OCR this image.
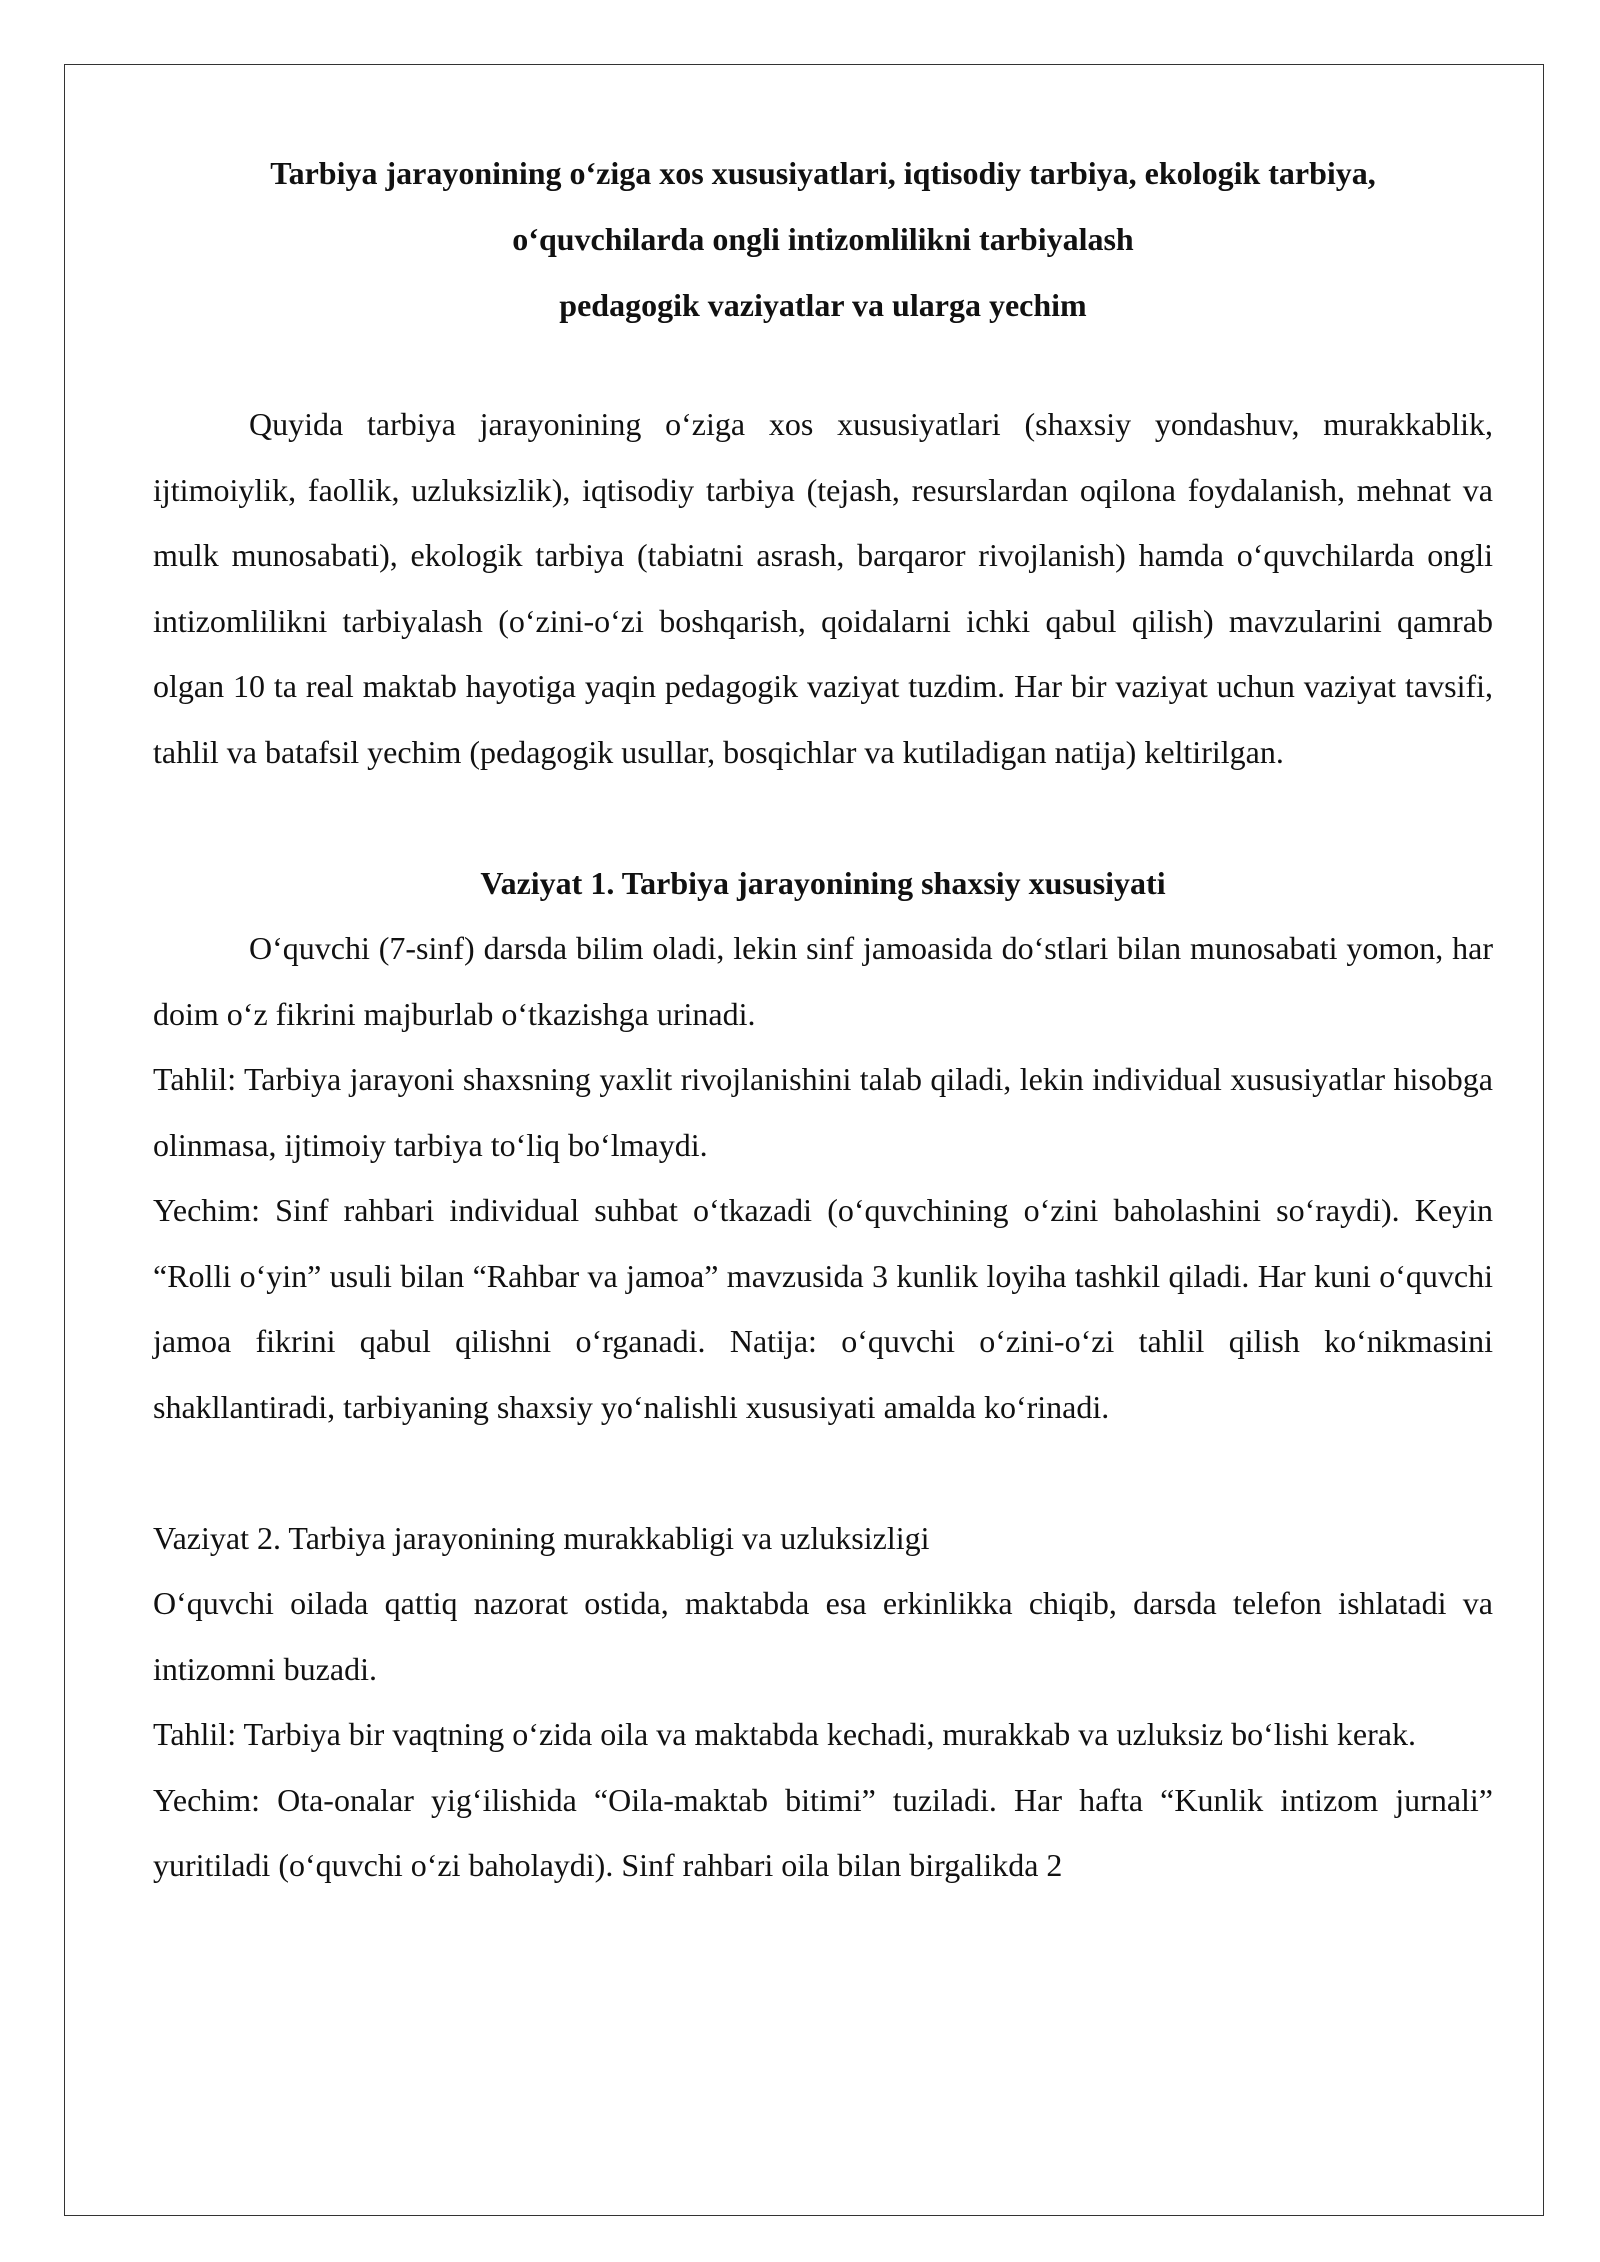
Tarbiya jarayonining o‘ziga xos xususiyatlari, iqtisodiy tarbiya, ekologik tarbiya,
o‘quvchilarda ongli intizomlilikni tarbiyalash
pedagogik vaziyatlar va ularga yechim

Quyida tarbiya jarayonining o‘ziga xos xususiyatlari (shaxsiy yondashuv, murakkablik, ijtimoiylik, faollik, uzluksizlik), iqtisodiy tarbiya (tejash, resurslardan oqilona foydalanish, mehnat va mulk munosabati), ekologik tarbiya (tabiatni asrash, barqaror rivojlanish) hamda o‘quvchilarda ongli intizomlilikni tarbiyalash (o‘zini-o‘zi boshqarish, qoidalarni ichki qabul qilish) mavzularini qamrab olgan 10 ta real maktab hayotiga yaqin pedagogik vaziyat tuzdim. Har bir vaziyat uchun vaziyat tavsifi, tahlil va batafsil yechim (pedagogik usullar, bosqichlar va kutiladigan natija) keltirilgan.

Vaziyat 1. Tarbiya jarayonining shaxsiy xususiyati

O‘quvchi (7-sinf) darsda bilim oladi, lekin sinf jamoasida do‘stlari bilan munosabati yomon, har doim o‘z fikrini majburlab o‘tkazishga urinadi.

Tahlil: Tarbiya jarayoni shaxsning yaxlit rivojlanishini talab qiladi, lekin individual xususiyatlar hisobga olinmasa, ijtimoiy tarbiya to‘liq bo‘lmaydi.

Yechim: Sinf rahbari individual suhbat o‘tkazadi (o‘quvchining o‘zini baholashini so‘raydi). Keyin “Rolli o‘yin” usuli bilan “Rahbar va jamoa” mavzusida 3 kunlik loyiha tashkil qiladi. Har kuni o‘quvchi jamoa fikrini qabul qilishni o‘rganadi. Natija: o‘quvchi o‘zini-o‘zi tahlil qilish ko‘nikmasini shakllantiradi, tarbiyaning shaxsiy yo‘nalishli xususiyati amalda ko‘rinadi.

Vaziyat 2. Tarbiya jarayonining murakkabligi va uzluksizligi

O‘quvchi oilada qattiq nazorat ostida, maktabda esa erkinlikka chiqib, darsda telefon ishlatadi va intizomni buzadi.

Tahlil: Tarbiya bir vaqtning o‘zida oila va maktabda kechadi, murakkab va uzluksiz bo‘lishi kerak.

Yechim: Ota-onalar yig‘ilishida “Oila-maktab bitimi” tuziladi. Har hafta “Kunlik intizom jurnali” yuritiladi (o‘quvchi o‘zi baholaydi). Sinf rahbari oila bilan birgalikda 2
